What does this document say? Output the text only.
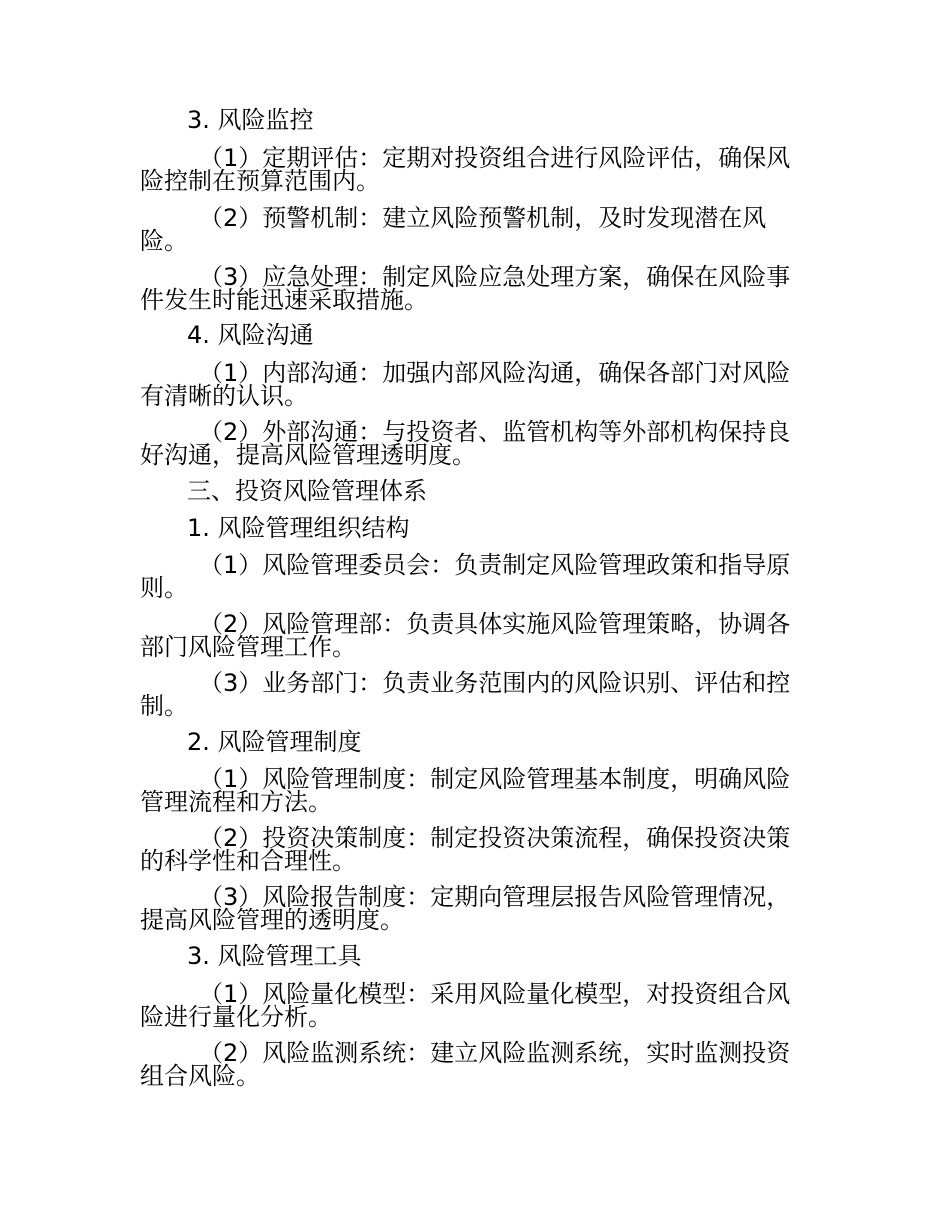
3. 风险监控
（1）定期评估：定期对投资组合进行风险评估，确保风
险控制在预算范围内。
（2）预警机制：建立风险预警机制，及时发现潜在风
险。
（3）应急处理：制定风险应急处理方案，确保在风险事
件发生时能迅速采取措施。
4. 风险沟通
（1）内部沟通：加强内部风险沟通，确保各部门对风险
有清晰的认识。
（2）外部沟通：与投资者、监管机构等外部机构保持良
好沟通，提高风险管理透明度。
三、投资风险管理体系
1. 风险管理组织结构
（1）风险管理委员会：负责制定风险管理政策和指导原
则。
（2）风险管理部：负责具体实施风险管理策略，协调各
部门风险管理工作。
（3）业务部门：负责业务范围内的风险识别、评估和控
制。
2. 风险管理制度
（1）风险管理制度：制定风险管理基本制度，明确风险
管理流程和方法。
（2）投资决策制度：制定投资决策流程，确保投资决策
的科学性和合理性。
（3）风险报告制度：定期向管理层报告风险管理情况，
提高风险管理的透明度。
3. 风险管理工具
（1）风险量化模型：采用风险量化模型，对投资组合风
险进行量化分析。
（2）风险监测系统：建立风险监测系统，实时监测投资
组合风险。
